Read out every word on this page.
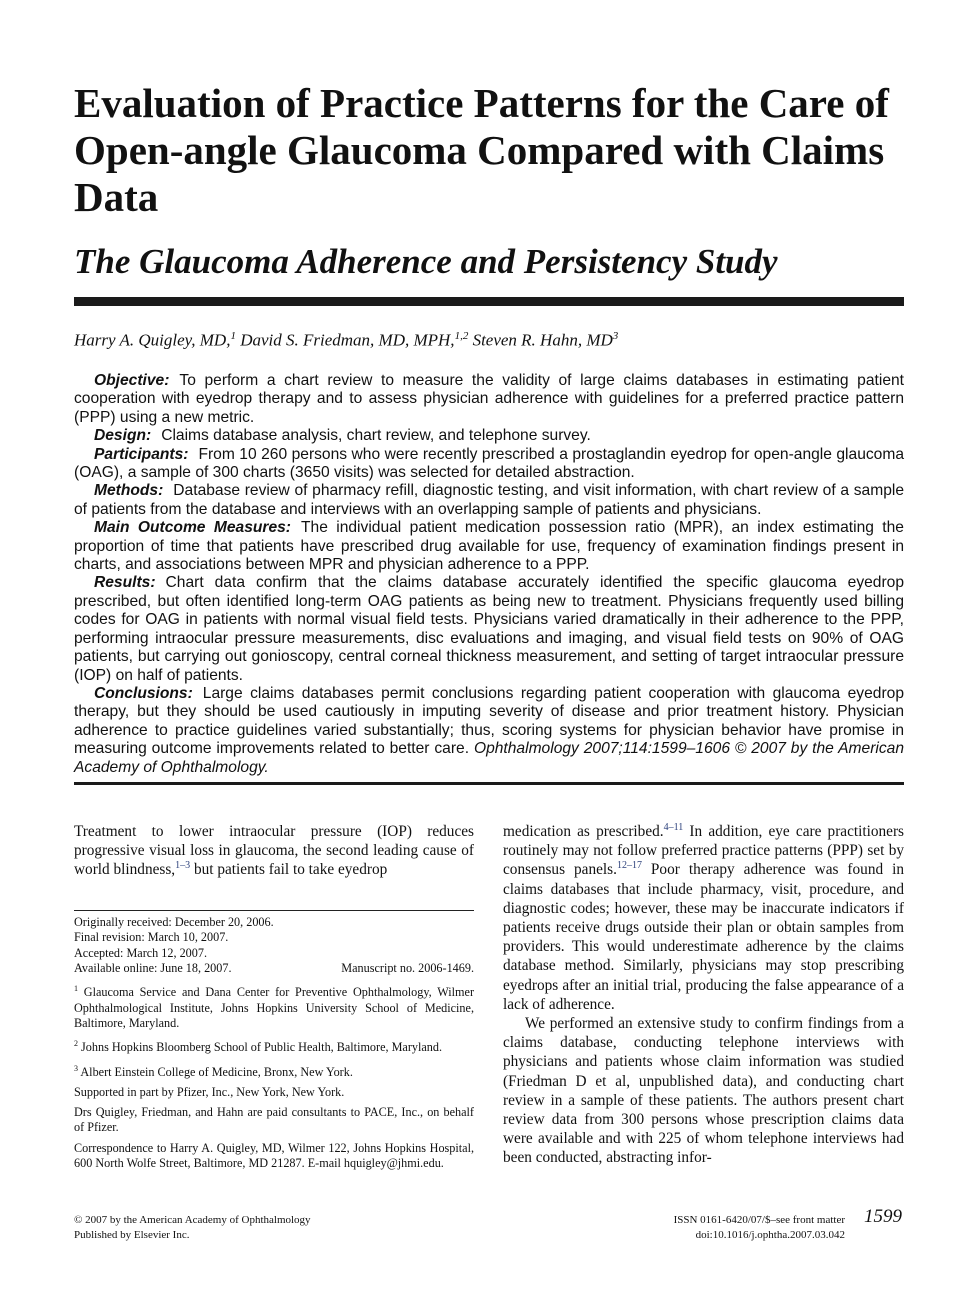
Evaluation of Practice Patterns for the Care of Open-angle Glaucoma Compared with Claims Data
The Glaucoma Adherence and Persistency Study
Harry A. Quigley, MD,$^1$ David S. Friedman, MD, MPH,$^{1,2}$ Steven R. Hahn, $MD^3$

Objective: To perform a chart review to measure the validity of large claims databases in estimating patient cooperation with eyedrop therapy and to assess physician adherence with guidelines for a preferred practice pattern (PPP) using a new metric.

Design: Claims database analysis, chart review, and telephone survey.

Participants: From 10 260 persons who were recently prescribed a prostaglandin eyedrop for open-angle glaucoma (OAG), a sample of 300 charts (3650 visits) was selected for detailed abstraction.

Methods: Database review of pharmacy refill, diagnostic testing, and visit information, with chart review of a sample of patients from the database and interviews with an overlapping sample of patients and physicians.

Main Outcome Measures: The individual patient medication possession ratio (MPR), an index estimating the proportion of time that patients have prescribed drug available for use, frequency of examination findings present in charts, and associations between MPR and physician adherence to a PPP.

Results: Chart data confirm that the claims database accurately identified the specific glaucoma eyedrop prescribed, but often identified long-term OAG patients as being new to treatment. Physicians frequently used billing codes for OAG in patients with normal visual field tests. Physicians varied dramatically in their adherence to the PPP, performing intraocular pressure measurements, disc evaluations and imaging, and visual field tests on 90% of OAG patients, but carrying out gonioscopy, central corneal thickness measurement, and setting of target intraocular pressure (IOP) on half of patients.

Conclusions: Large claims databases permit conclusions regarding patient cooperation with glaucoma eyedrop therapy, but they should be used cautiously in imputing severity of disease and prior treatment history. Physician adherence to practice guidelines varied substantially; thus, scoring systems for physician behavior have promise in measuring outcome improvements related to better care. Ophthalmology 2007;114:1599–1606 © 2007 by the American Academy of Ophthalmology.

Treatment to lower intraocular pressure (IOP) reduces progressive visual loss in glaucoma, the second leading cause of world blindness,$^{1-3}$ but patients fail to take eyedrop

Originally received: December 20, 2006.
Final revision: March 10, 2007.
Accepted: March 12, 2007.
Available online: June 18, 2007.	Manuscript no. 2006-1469.
$^1$ Glaucoma Service and Dana Center for Preventive Ophthalmology, Wilmer Ophthalmological Institute, Johns Hopkins University School of Medicine, Baltimore, Maryland.
$^2$ Johns Hopkins Bloomberg School of Public Health, Baltimore, Maryland.
$^3$ Albert Einstein College of Medicine, Bronx, New York.
Supported in part by Pfizer, Inc., New York, New York.
Drs Quigley, Friedman, and Hahn are paid consultants to PACE, Inc., on behalf of Pfizer.
Correspondence to Harry A. Quigley, MD, Wilmer 122, Johns Hopkins Hospital, 600 North Wolfe Street, Baltimore, MD 21287. E-mail hquigley@jhmi.edu.

medication as prescribed.$^{4-11}$ In addition, eye care practitioners routinely may not follow preferred practice patterns (PPP) set by consensus panels.$^{12-17}$ Poor therapy adherence was found in claims databases that include pharmacy, visit, procedure, and diagnostic codes; however, these may be inaccurate indicators if patients receive drugs outside their plan or obtain samples from providers. This would underestimate adherence by the claims database method. Similarly, physicians may stop prescribing eyedrops after an initial trial, producing the false appearance of a lack of adherence.

We performed an extensive study to confirm findings from a claims database, conducting telephone interviews with physicians and patients whose claim information was studied (Friedman D et al, unpublished data), and conducting chart review in a sample of these patients. The authors present chart review data from 300 persons whose prescription claims data were available and with 225 of whom telephone interviews had been conducted, abstracting infor-

© 2007 by the American Academy of Ophthalmology
Published by Elsevier Inc.
ISSN 0161-6420/07/$–see front matter
doi:10.1016/j.ophtha.2007.03.042
1599
